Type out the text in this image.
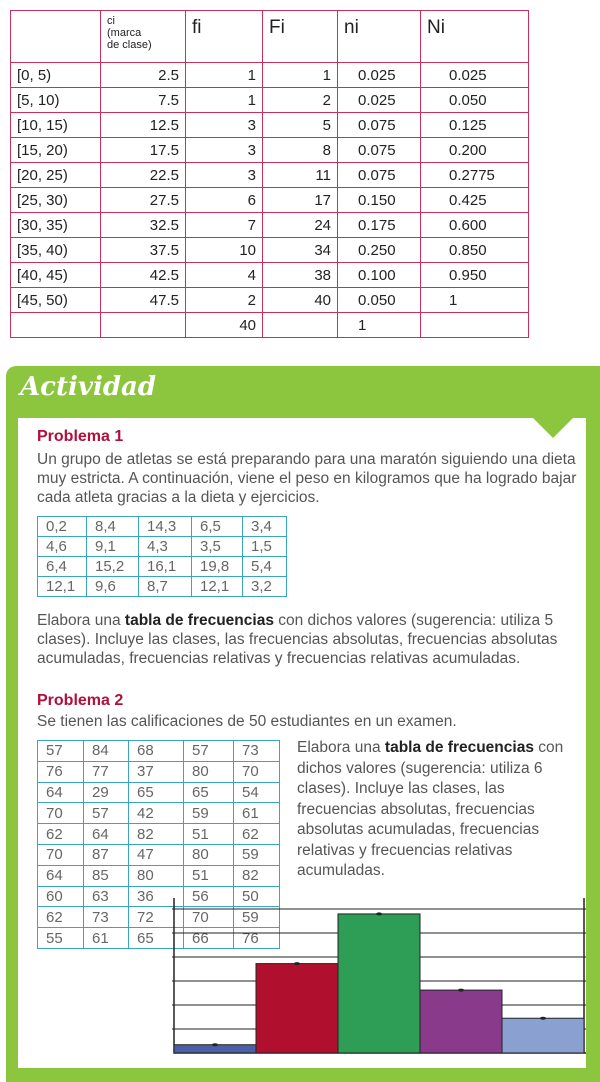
	ci
(marca
de clase)	fi	Fi	ni	Ni
[0, 5)	2.5	1	1	0.025	0.025
[5, 10)	7.5	1	2	0.025	0.050
[10, 15)	12.5	3	5	0.075	0.125
[15, 20)	17.5	3	8	0.075	0.200
[20, 25)	22.5	3	11	0.075	0.2775
[25, 30)	27.5	6	17	0.150	0.425
[30, 35)	32.5	7	24	0.175	0.600
[35, 40)	37.5	10	34	0.250	0.850
[40, 45)	42.5	4	38	0.100	0.950
[45, 50)	47.5	2	40	0.050	1
		40		1	
Actividad
Problema 1
Un grupo de atletas se está preparando para una maratón siguiendo una dieta muy estricta. A continuación, viene el peso en kilogramos que ha logrado bajar cada atleta gracias a la dieta y ejercicios.
0,2	8,4	14,3	6,5	3,4
4,6	9,1	4,3	3,5	1,5
6,4	15,2	16,1	19,8	5,4
12,1	9,6	8,7	12,1	3,2
Elabora una tabla de frecuencias con dichos valores (sugerencia: utiliza 5 clases). Incluye las clases, las frecuencias absolutas, frecuencias absolutas acumuladas, frecuencias relativas y frecuencias relativas acumuladas.
Problema 2
Se tienen las calificaciones de 50 estudiantes en un examen.
57	84	68	57	73
76	77	37	80	70
64	29	65	65	54
70	57	42	59	61
62	64	82	51	62
70	87	47	80	59
64	85	80	51	82
60	63	36	56	50
62	73	72	70	59
55	61	65	66	76
Elabora una tabla de frecuencias con dichos valores (sugerencia: utiliza 6 clases). Incluye las clases, las frecuencias absolutas, frecuencias absolutas acumuladas, frecuencias relativas y frecuencias relativas acumuladas.
